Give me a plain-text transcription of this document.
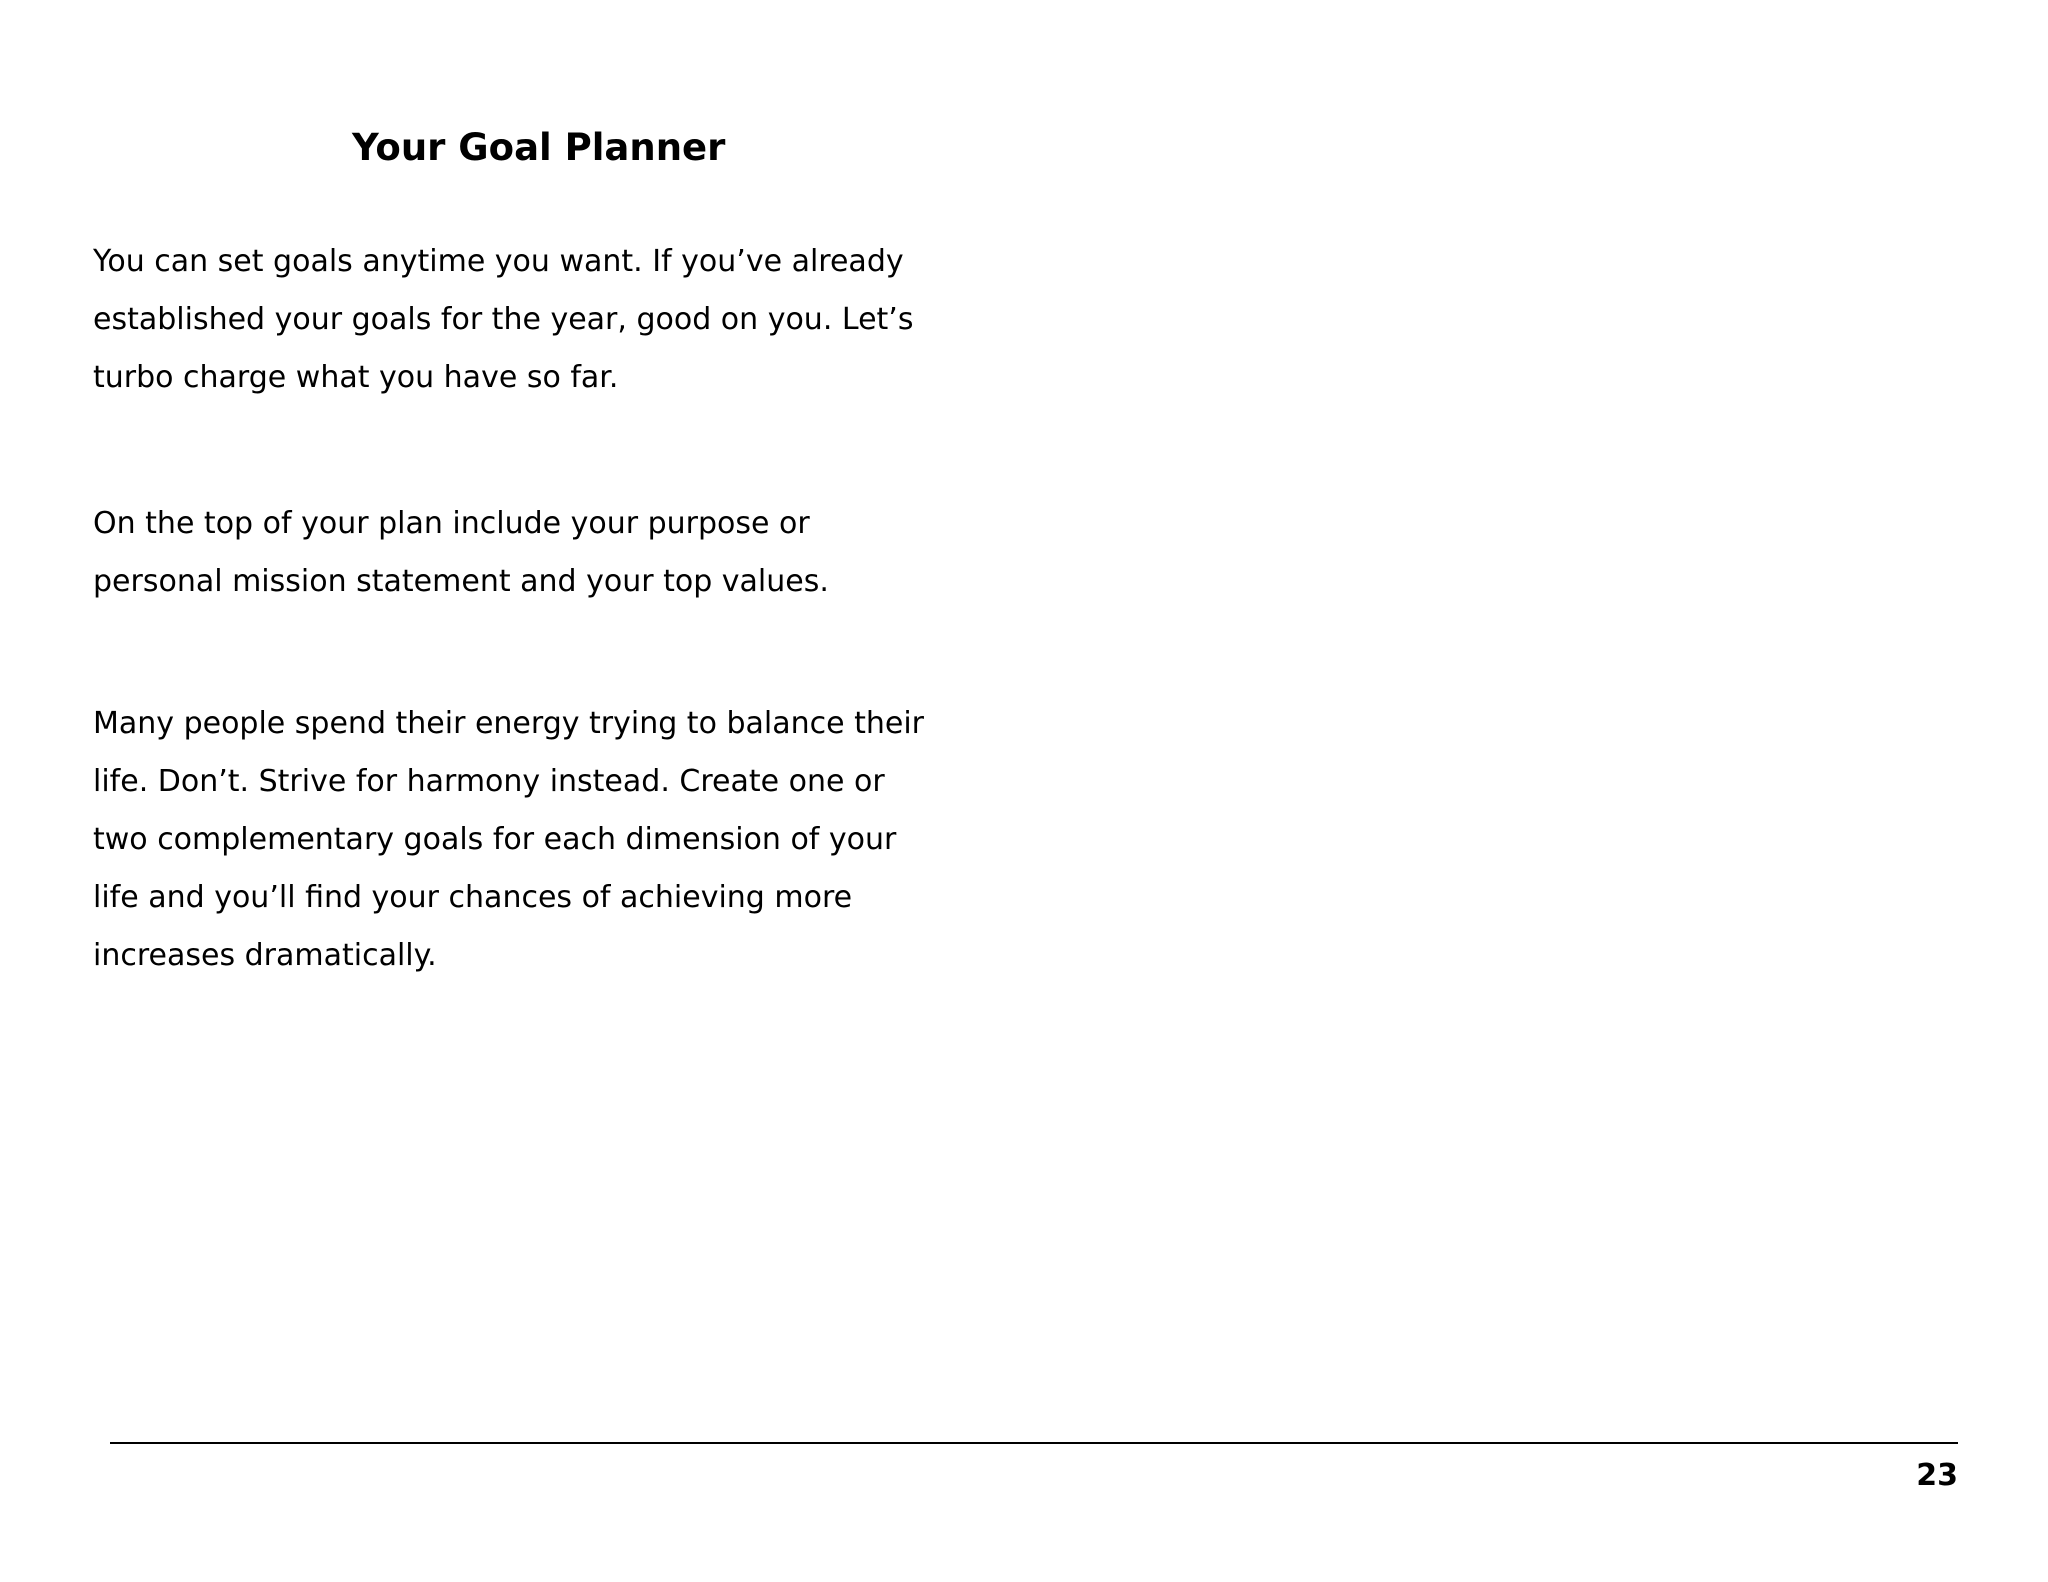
Your Goal Planner

You can set goals anytime you want. If you’ve already
established your goals for the year, good on you. Let’s
turbo charge what you have so far.

On the top of your plan include your purpose or
personal mission statement and your top values.

Many people spend their energy trying to balance their
life. Don’t. Strive for harmony instead. Create one or
two complementary goals for each dimension of your
life and you’ll find your chances of achieving more
increases dramatically.

23
